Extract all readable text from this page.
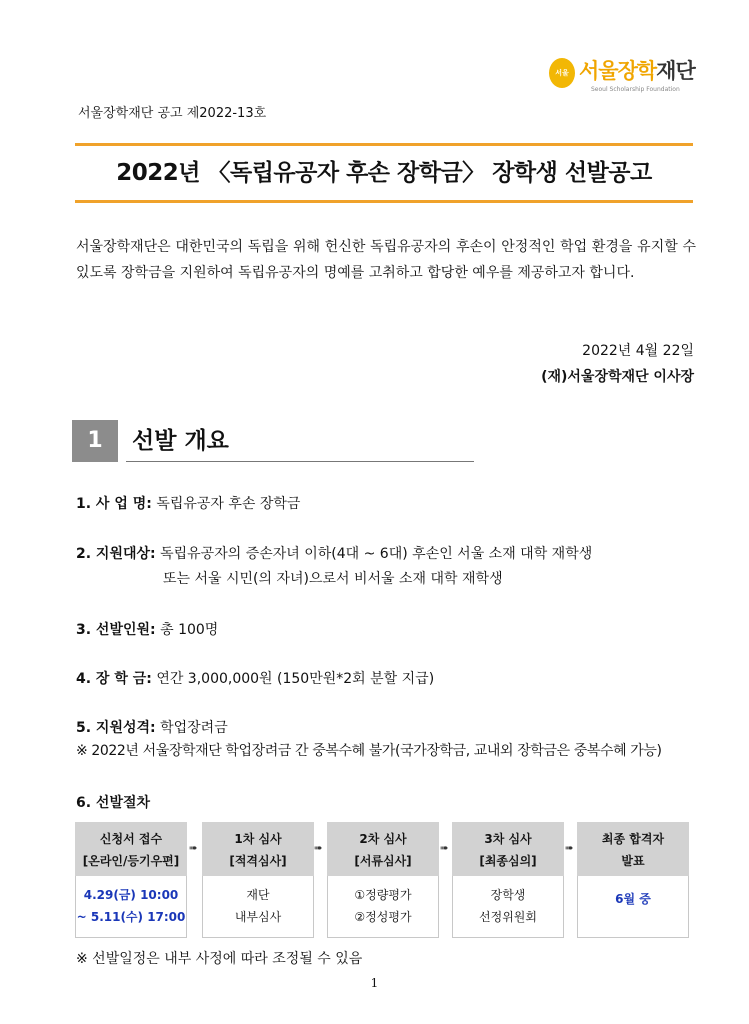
서울 서울장학재단
Seoul Scholarship Foundation
서울장학재단 공고 제2022-13호
2022년 〈독립유공자 후손 장학금〉 장학생 선발공고
서울장학재단은 대한민국의 독립을 위해 헌신한 독립유공자의 후손이 안정적인 학업 환경을 유지할 수 있도록 장학금을 지원하여 독립유공자의 명예를 고취하고 합당한 예우를 제공하고자 합니다.
2022년 4월 22일
(재)서울장학재단 이사장
1	선발 개요
1. 사 업 명: 독립유공자 후손 장학금
2. 지원대상: 독립유공자의 증손자녀 이하(4대 ~ 6대) 후손인 서울 소재 대학 재학생
또는 서울 시민(의 자녀)으로서 비서울 소재 대학 재학생
3. 선발인원: 총 100명
4. 장 학 금: 연간 3,000,000원 (150만원*2회 분할 지급)
5. 지원성격: 학업장려금
※ 2022년 서울장학재단 학업장려금 간 중복수혜 불가(국가장학금, 교내외 장학금은 중복수혜 가능)
6. 선발절차
신청서 접수
[온라인/등기우편]
4.29(금) 10:00
~ 5.11(수) 17:00
➠
1차 심사
[적격심사]
재단
내부심사
➠
2차 심사
[서류심사]
①정량평가
②정성평가
➠
3차 심사
[최종심의]
장학생
선정위원회
➠
최종 합격자
발표
6월 중
※ 선발일정은 내부 사정에 따라 조정될 수 있음
1
